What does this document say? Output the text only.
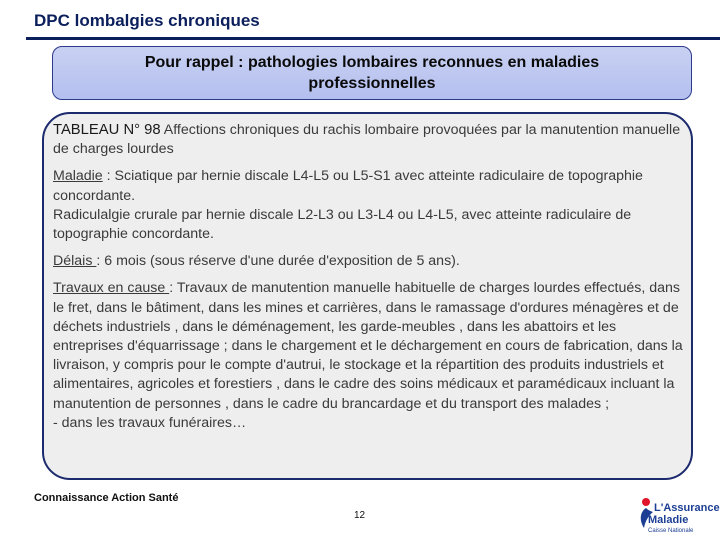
DPC lombalgies chroniques
Pour rappel : pathologies lombaires reconnues en maladies professionnelles

TABLEAU N° 98 Affections chroniques du rachis lombaire provoquées par la manutention manuelle de charges lourdes

Maladie : Sciatique par hernie discale L4-L5 ou L5-S1 avec atteinte radiculaire de topographie concordante.
Radiculalgie crurale par hernie discale L2-L3 ou L3-L4 ou L4-L5, avec atteinte radiculaire de topographie concordante.

Délais : 6 mois (sous réserve d'une durée d'exposition de 5 ans).

Travaux en cause : Travaux de manutention manuelle habituelle de charges lourdes effectués, dans le fret, dans le bâtiment, dans les mines et carrières, dans le ramassage d'ordures ménagères et de déchets industriels , dans le déménagement, les garde-meubles , dans les abattoirs et les entreprises d'équarrissage ; dans le chargement et le déchargement en cours de fabrication, dans la livraison, y compris pour le compte d'autrui, le stockage et la répartition des produits industriels et alimentaires, agricoles et forestiers , dans le cadre des soins médicaux et paramédicaux incluant la manutention de personnes , dans le cadre du brancardage et du transport des malades ;
- dans les travaux funéraires…

Connaissance Action Santé
12
L'Assurance
Maladie
Caisse Nationale
